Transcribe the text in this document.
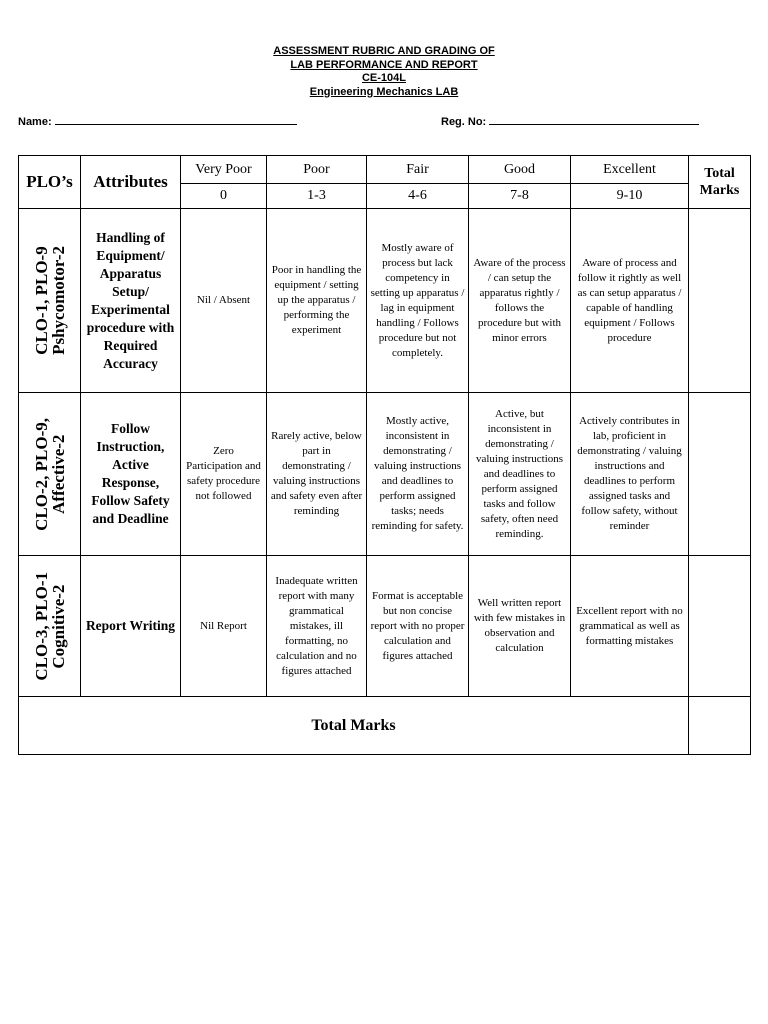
ASSESSMENT RUBRIC AND GRADING OF
LAB PERFORMANCE AND REPORT
CE-104L
Engineering Mechanics LAB
Name:	Reg. No:
PLO’s	Attributes	Very Poor	Poor	Fair	Good	Excellent	Total Marks
		0	1-3	4-6	7-8	9-10	

CLO-1, PLO-9
Pshycomotor-2	Handling of Equipment/ Apparatus Setup/ Experimental procedure with Required Accuracy	Nil / Absent	Poor in handling the equipment / setting up the apparatus / performing the experiment	Mostly aware of process but lack competency in setting up apparatus / lag in equipment handling / Follows procedure but not completely.	Aware of the process / can setup the apparatus rightly / follows the procedure but with minor errors	Aware of process and follow it rightly as well as can setup apparatus / capable of handling equipment / Follows procedure	

CLO-2, PLO-9,
Affective-2	Follow Instruction, Active Response, Follow Safety and Deadline	Zero Participation and safety procedure not followed	Rarely active, below part in demonstrating / valuing instructions and safety even after reminding	Mostly active, inconsistent in demonstrating / valuing instructions and deadlines to perform assigned tasks; needs reminding for safety.	Active, but inconsistent in demonstrating / valuing instructions and deadlines to perform assigned tasks and follow safety, often need reminding.	Actively contributes in lab, proficient in demonstrating / valuing instructions and deadlines to perform assigned tasks and follow safety, without reminder	

CLO-3, PLO-1
Cognitive-2	Report Writing	Nil Report	Inadequate written report with many grammatical mistakes, ill formatting, no calculation and no figures attached	Format is acceptable but non concise report with no proper calculation and figures attached	Well written report with few mistakes in observation and calculation	Excellent report with no grammatical as well as formatting mistakes	
Total Marks							
